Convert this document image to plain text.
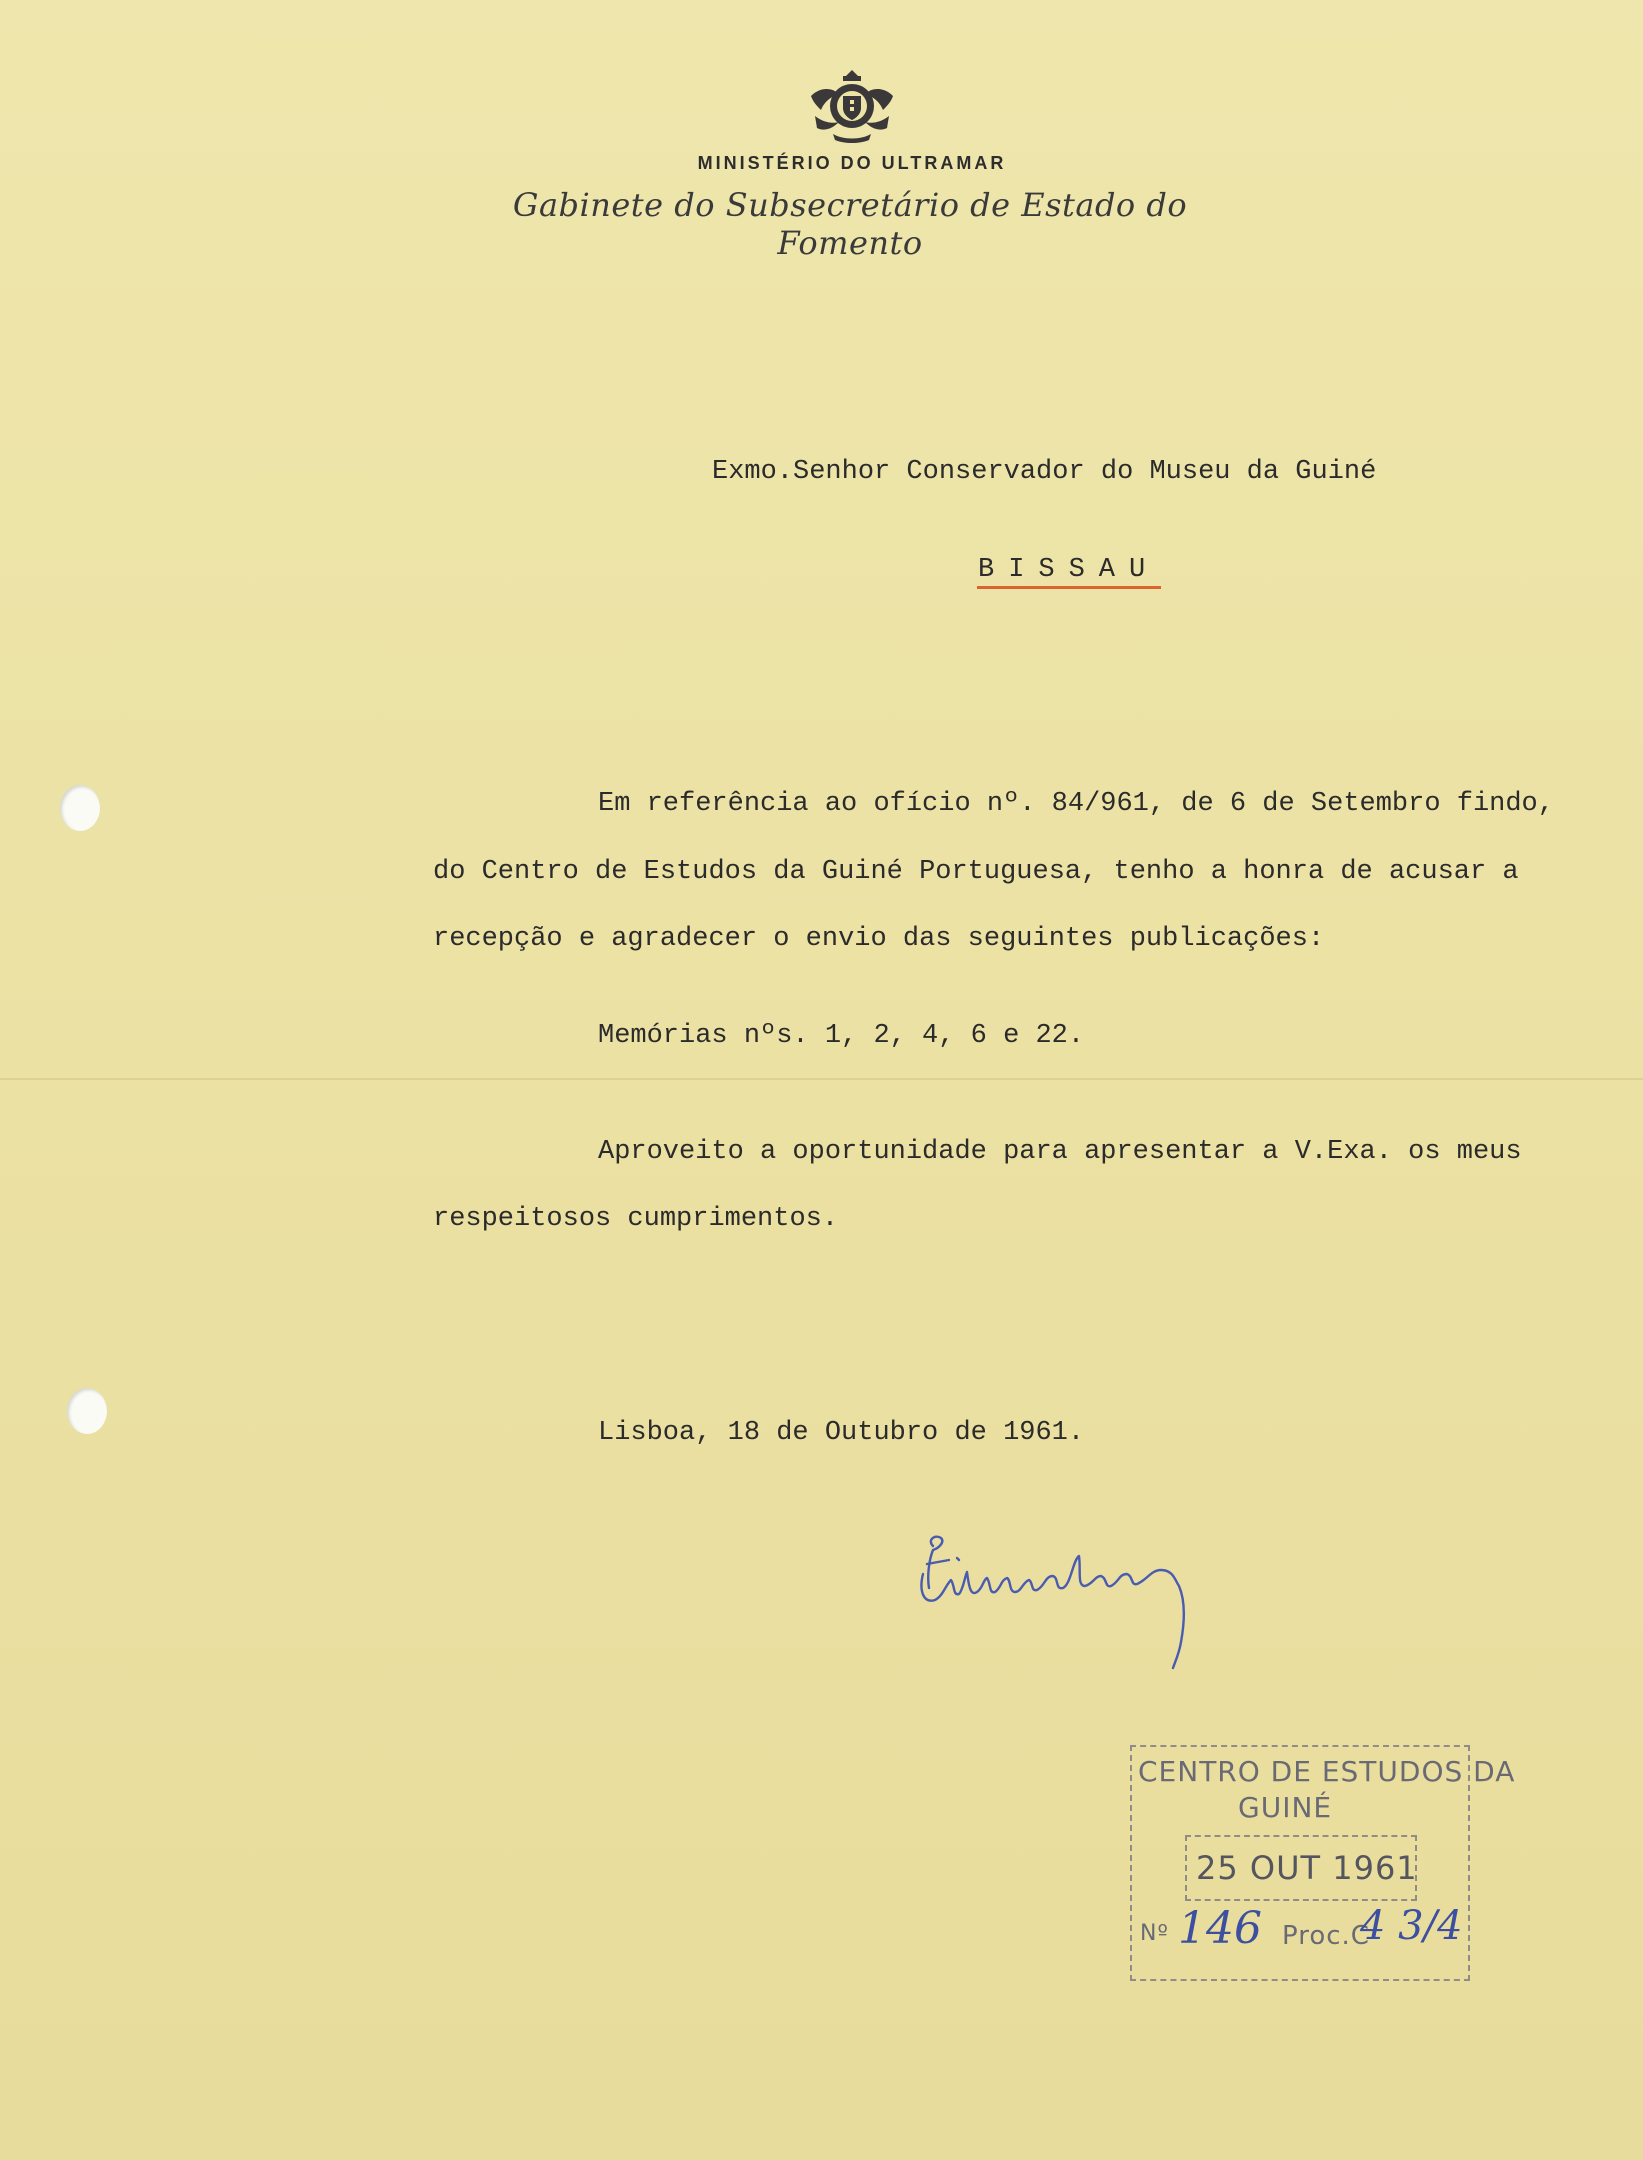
MINISTÉRIO DO ULTRAMAR
Gabinete do Subsecretário de Estado do Fomento
Exmo.Senhor Conservador do Museu da Guiné
BISSAU
Em referência ao ofício nº. 84/961, de 6 de Setembro findo,
do Centro de Estudos da Guiné Portuguesa, tenho a honra de acusar a
recepção e agradecer o envio das seguintes publicações:
Memórias nºs. 1, 2, 4, 6 e 22.
Aproveito a oportunidade para apresentar a V.Exa. os meus
respeitosos cumprimentos.
Lisboa, 18 de Outubro de 1961.
CENTRO DE ESTUDOS DA
GUINÉ
25 OUT 1961
Nº 146 Proc.C
4 3/4
